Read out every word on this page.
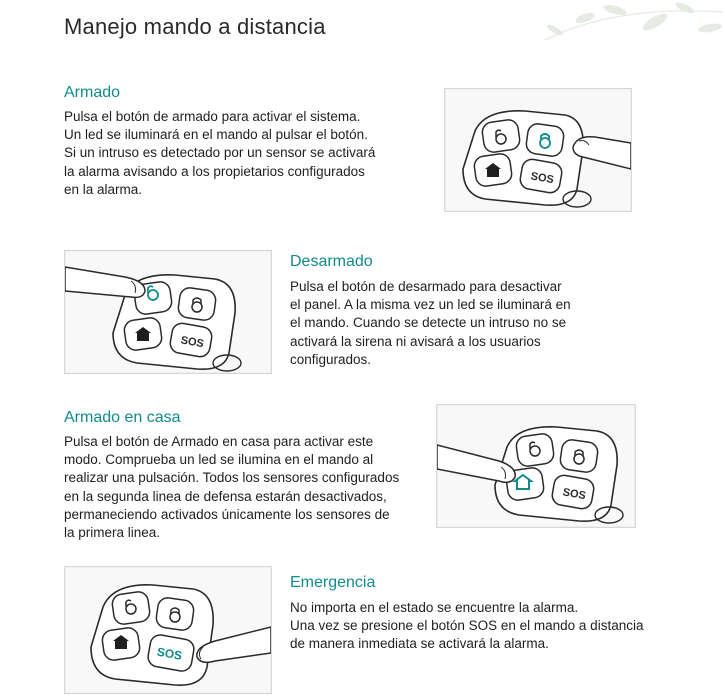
Manejo mando a distancia
Armado
Pulsa el botón de armado para activar el sistema.
Un led se iluminará en el mando al pulsar el botón.
Si un intruso es detectado por un sensor se activará
la alarma avisando a los propietarios configurados
en la alarma.
SOS
SOS
Desarmado
Pulsa el botón de desarmado para desactivar
el panel. A la misma vez un led se iluminará en
el mando. Cuando se detecte un intruso no se
activará la sirena ni avisará a los usuarios
configurados.
Armado en casa
Pulsa el botón de Armado en casa para activar este
modo. Comprueba un led se ilumina en el mando al
realizar una pulsación. Todos los sensores configurados
en la segunda linea de defensa estarán desactivados,
permaneciendo activados únicamente los sensores de
la primera linea.
SOS
SOS
Emergencia
No importa en el estado se encuentre la alarma.
Una vez se presione el botón SOS en el mando a distancia
de manera inmediata se activará la alarma.
